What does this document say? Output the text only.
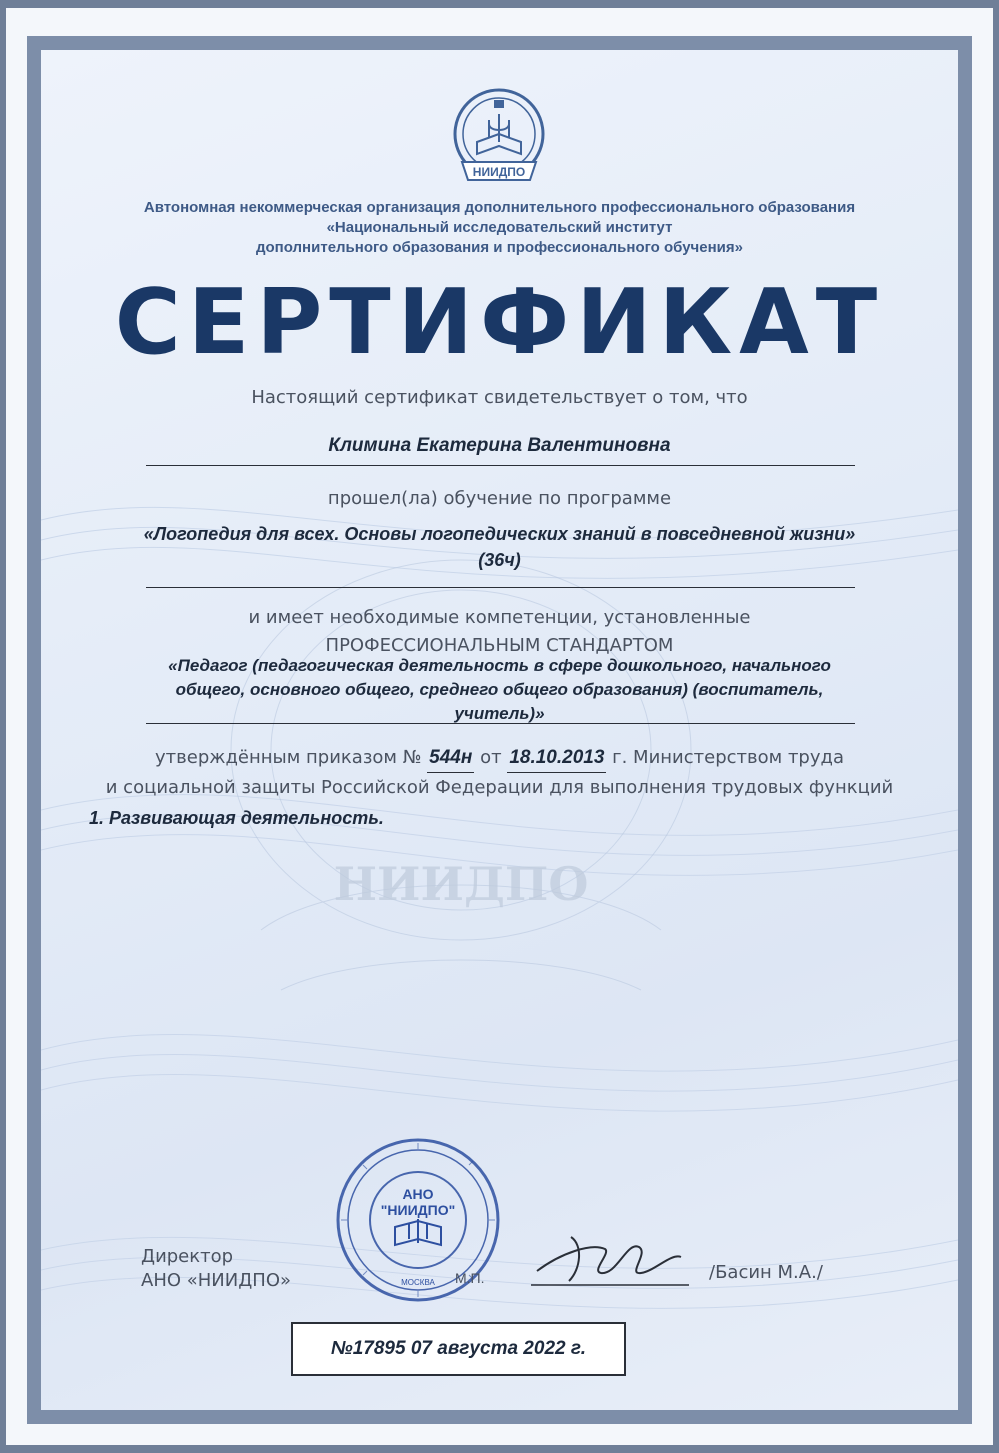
НИИДПО
НИИДПО
Автономная некоммерческая организация дополнительного профессионального образования
«Национальный исследовательский институт
дополнительного образования и профессионального обучения»
СЕРТИФИКАТ
Настоящий сертификат свидетельствует о том, что
Климина Екатерина Валентиновна
прошел(ла) обучение по программе
«Логопедия для всех. Основы логопедических знаний в повседневной жизни»
(36ч)
и имеет необходимые компетенции, установленные
ПРОФЕССИОНАЛЬНЫМ СТАНДАРТОМ
«Педагог (педагогическая деятельность в сфере дошкольного, начального
общего, основного общего, среднего общего образования) (воспитатель,
учитель)»
утверждённым приказом № 544н от 18.10.2013 г. Министерством труда
и социальной защиты Российской Федерации для выполнения трудовых функций
1. Развивающая деятельность.
Директор
АНО «НИИДПО»
АНО
"НИИДПО"
МОСКВА М.П.	/Басин М.А./
№17895 07 августа 2022 г.
